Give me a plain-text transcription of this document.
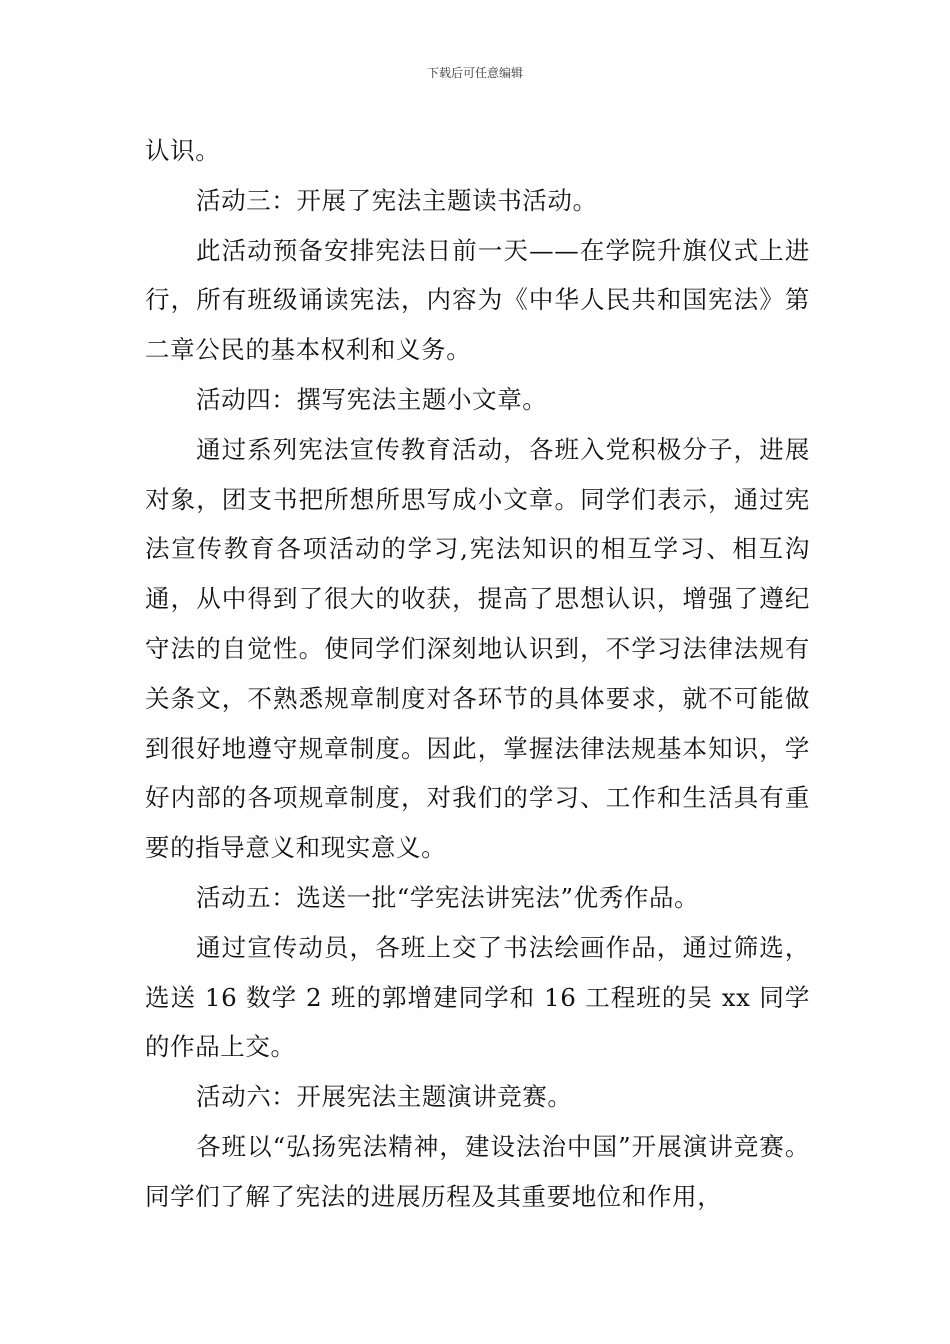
下载后可任意编辑

认识。

活动三：开展了宪法主题读书活动。

此活动预备安排宪法日前一天——在学院升旗仪式上进行，所有班级诵读宪法，内容为《中华人民共和国宪法》第二章公民的基本权利和义务。

活动四：撰写宪法主题小文章。

通过系列宪法宣传教育活动，各班入党积极分子，进展对象，团支书把所想所思写成小文章。同学们表示，通过宪法宣传教育各项活动的学习,宪法知识的相互学习、相互沟通，从中得到了很大的收获，提高了思想认识，增强了遵纪守法的自觉性。使同学们深刻地认识到，不学习法律法规有关条文，不熟悉规章制度对各环节的具体要求，就不可能做到很好地遵守规章制度。因此，掌握法律法规基本知识，学好内部的各项规章制度，对我们的学习、工作和生活具有重要的指导意义和现实意义。

活动五：选送一批“学宪法讲宪法”优秀作品。

通过宣传动员，各班上交了书法绘画作品，通过筛选，选送 16 数学 2 班的郭增建同学和 16 工程班的吴 xx 同学的作品上交。

活动六：开展宪法主题演讲竞赛。

各班以“弘扬宪法精神，建设法治中国”开展演讲竞赛。同学们了解了宪法的进展历程及其重要地位和作用，
